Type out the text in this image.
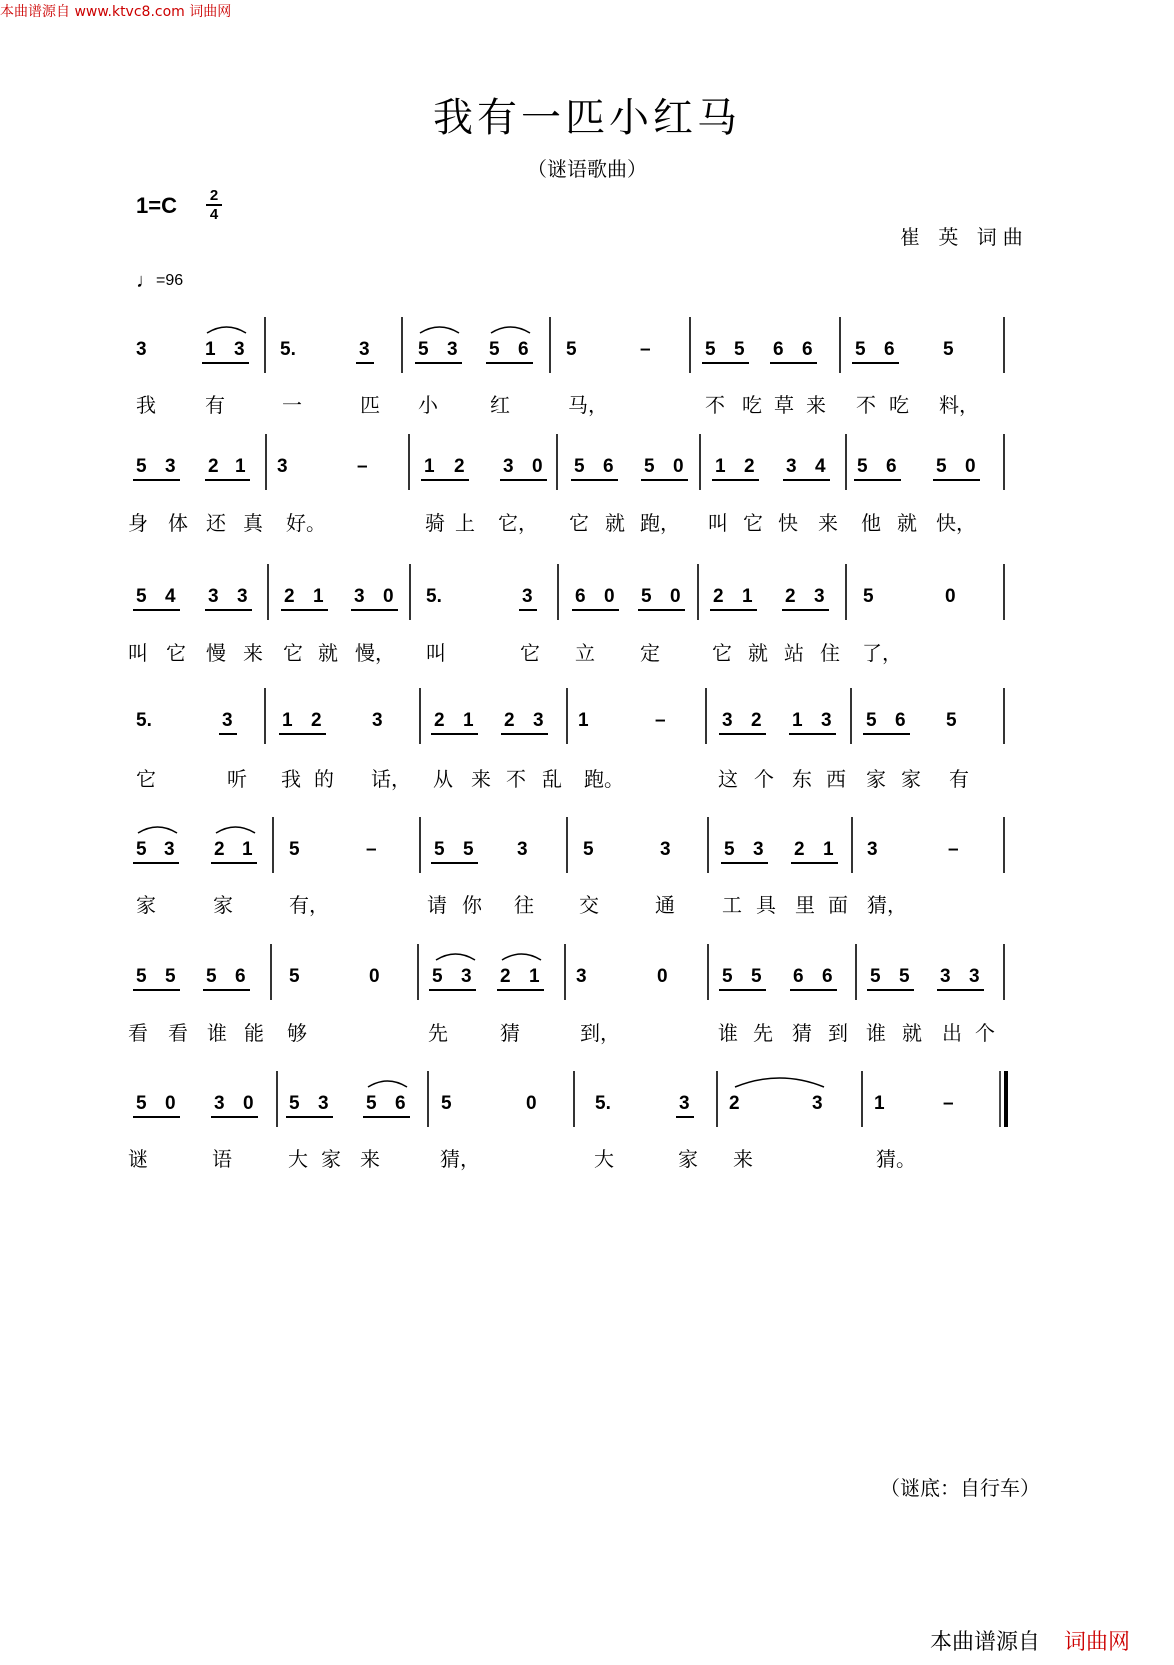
本曲谱源自 www.ktvc8.com 词曲网
我有一匹小红马
（谜语歌曲）
1=C 2
4
崔 英 词曲
♩=96
3	1 3 5.	3	5 3 5 6 5	–	5 5 6 6 5 6	5
我 有	一	匹 小	红	马，	不 吃 草 来 不 吃 料，
5 3 2 1 3	–	1 2 3 0 5 6 5 0 1 2 3 4 5 6 5 0
身 体 还 真 好。	骑 上 它， 它 就 跑， 叫 它 快 来 他 就 快，
5 4 3 3 2 1 3 0 5.	3 6 0 5 0 2 1 2 3 5	0
叫 它 慢 来 它 就 慢， 叫	它 立 定	它 就 站 住 了，
5.	3	1 2	3	2 1 2 3 1	–	3 2 1 3 5 6 5
它	听 我 的 话， 从 来 不 乱 跑。	这 个 东 西 家 家 有
5 3 2 1 5	–	5 5 3	5	3	5 3 2 1 3	–
家	家	有，	请 你 往 交	通 工 具 里 面 猜，
5 5 5 6 5	0	5 3 2 1 3	0	5 5 6 6 5 5 3 3
看 看 谁 能 够	先	猜	到，	谁 先 猜 到 谁 就 出 个
5 0 3 0 5 3 5 6 5	0	5.	3 2	3	1	–
谜	语	大 家 来	猜，	大	家 来	猜。
（谜底：自行车）
本曲谱源自 词曲网
